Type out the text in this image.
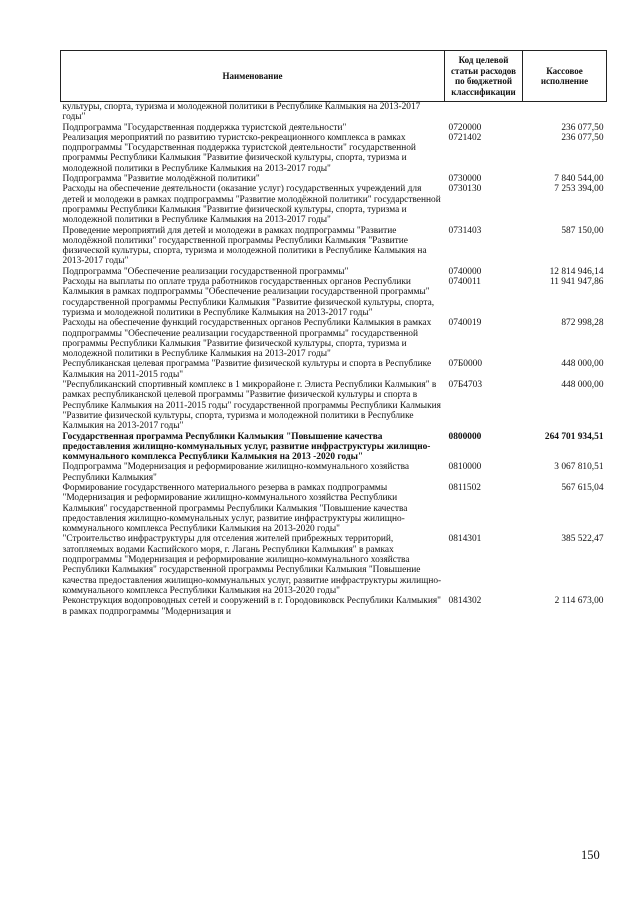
Наименование	Код целевой статьи расходов по бюджетной классификации	Кассовое исполнение
культуры, спорта, туризма и молодежной политики в Республике Калмыкия на 2013-2017 годы"		
Подпрограмма "Государственная поддержка туристской деятельности"	0720000	236 077,50
Реализация мероприятий по развитию туристско-рекреационного комплекса в рамках подпрограммы "Государственная поддержка туристской деятельности" государственной программы Республики Калмыкия "Развитие физической культуры, спорта, туризма и молодежной политики в Республике Калмыкия на 2013-2017 годы"	0721402	236 077,50
Подпрограмма "Развитие молодёжной политики"	0730000	7 840 544,00
Расходы на обеспечение деятельности (оказание услуг) государственных учреждений для детей и молодежи в рамках подпрограммы "Развитие молодёжной политики" государственной программы Республики Калмыкия "Развитие физической культуры, спорта, туризма и молодежной политики в Республике Калмыкия на 2013-2017 годы"	0730130	7 253 394,00
Проведение мероприятий для детей и молодежи в рамках подпрограммы "Развитие молодёжной политики" государственной программы Республики Калмыкия "Развитие физической культуры, спорта, туризма и молодежной политики в Республике Калмыкия на 2013-2017 годы"	0731403	587 150,00
Подпрограмма "Обеспечение реализации государственной программы"	0740000	12 814 946,14
Расходы на выплаты по оплате труда работников государственных органов Республики Калмыкия в рамках подпрограммы "Обеспечение реализации государственной программы" государственной программы Республики Калмыкия "Развитие физической культуры, спорта, туризма и молодежной политики в Республике Калмыкия на 2013-2017 годы"	0740011	11 941 947,86
Расходы на обеспечение функций государственных органов Республики Калмыкия в рамках подпрограммы "Обеспечение реализации государственной программы" государственной программы Республики Калмыкия "Развитие физической культуры, спорта, туризма и молодежной политики в Республике Калмыкия на 2013-2017 годы"	0740019	872 998,28
Республиканская целевая программа "Развитие физической культуры и спорта в Республике Калмыкия на 2011-2015 годы"	07Б0000	448 000,00
"Республиканский спортивный комплекс в 1 микрорайоне г. Элиста Республики Калмыкия" в рамках республиканской целевой программы "Развитие физической культуры и спорта в Республике Калмыкия на 2011-2015 годы" государственной программы Республики Калмыкия "Развитие физической культуры, спорта, туризма и молодежной политики в Республике Калмыкия на 2013-2017 годы"	07Б4703	448 000,00
Государственная программа Республики Калмыкия "Повышение качества предоставления жилищно-коммунальных услуг, развитие инфраструктуры жилищно-коммунального комплекса Республики Калмыкия на 2013 -2020 годы"	0800000	264 701 934,51
Подпрограмма "Модернизация и реформирование жилищно-коммунального хозяйства Республики Калмыкия"	0810000	3 067 810,51
Формирование государственного материального резерва в рамках подпрограммы "Модернизация и реформирование жилищно-коммунального хозяйства Республики Калмыкия" государственной программы Республики Калмыкия "Повышение качества предоставления жилищно-коммунальных услуг, развитие инфраструктуры жилищно-коммунального комплекса Республики Калмыкия на 2013-2020 годы"	0811502	567 615,04
"Строительство инфраструктуры для отселения жителей прибрежных территорий, затопляемых водами Каспийского моря, г. Лагань Республики Калмыкия" в рамках подпрограммы "Модернизация и реформирование жилищно-коммунального хозяйства Республики Калмыкия" государственной программы Республики Калмыкия "Повышение качества предоставления жилищно-коммунальных услуг, развитие инфраструктуры жилищно-коммунального комплекса Республики Калмыкия на 2013-2020 годы"	0814301	385 522,47
Реконструкция водопроводных сетей и сооружений в г. Городовиковск Республики Калмыкия" в рамках подпрограммы "Модернизация и	0814302	2 114 673,00
150
